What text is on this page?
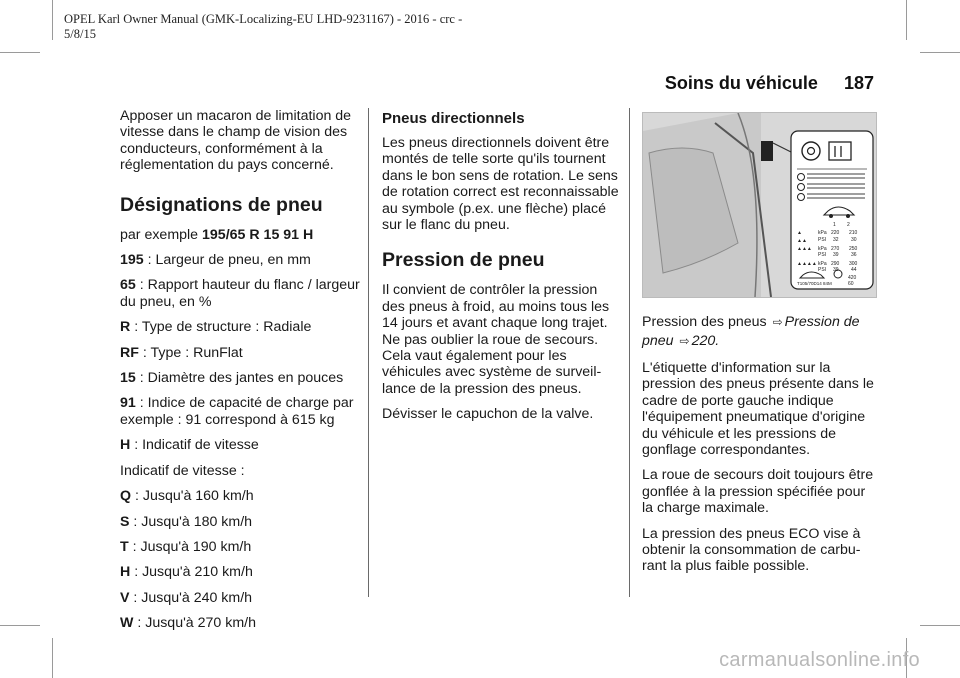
OPEL Karl Owner Manual (GMK-Localizing-EU LHD-9231167) - 2016 - crc -
5/8/15
Soins du véhicule 187

Apposer un macaron de limitation de vitesse dans le champ de vision des conducteurs, conformément à la réglementation du pays concerné.

Désignations de pneu

par exemple 195/65 R 15 91 H

195 : Largeur de pneu, en mm

65 : Rapport hauteur du flanc / largeur du pneu, en %

R : Type de structure : Radiale

RF : Type : RunFlat

15 : Diamètre des jantes en pouces

91 : Indice de capacité de charge par exemple : 91 correspond à 615 kg

H : Indicatif de vitesse

Indicatif de vitesse :

Q : Jusqu'à 160 km/h

S : Jusqu'à 180 km/h

T : Jusqu'à 190 km/h

H : Jusqu'à 210 km/h

V : Jusqu'à 240 km/h

W : Jusqu'à 270 km/h

Pneus directionnels

Les pneus directionnels doivent être montés de telle sorte qu'ils tournent dans le bon sens de rotation. Le sens de rotation correct est reconnaissable au symbole (p.ex. une flèche) placé sur le flanc du pneu.

Pression de pneu

Il convient de contrôler la pression des pneus à froid, au moins tous les 14 jours et avant chaque long trajet. Ne pas oublier la roue de secours. Cela vaut également pour les véhicules avec système de surveillance de la pression des pneus.

Dévisser le capuchon de la valve.

1 2
▲
▲▲
kPa
PSI
220 210
32 30
▲▲▲ kPa
PSI
270 250
39 36
▲▲▲▲ kPa
PSI
290 300
39 44
T105/70D14 84M
420
60

Pression des pneus ⇨ Pression de pneu ⇨ 220.

L'étiquette d'information sur la pression des pneus présente dans le cadre de porte gauche indique l'équipement pneumatique d'origine du véhicule et les pressions de gonflage correspondantes.

La roue de secours doit toujours être gonflée à la pression spécifiée pour la charge maximale.

La pression des pneus ECO vise à obtenir la consommation de carburant la plus faible possible.

carmanualsonline.info
